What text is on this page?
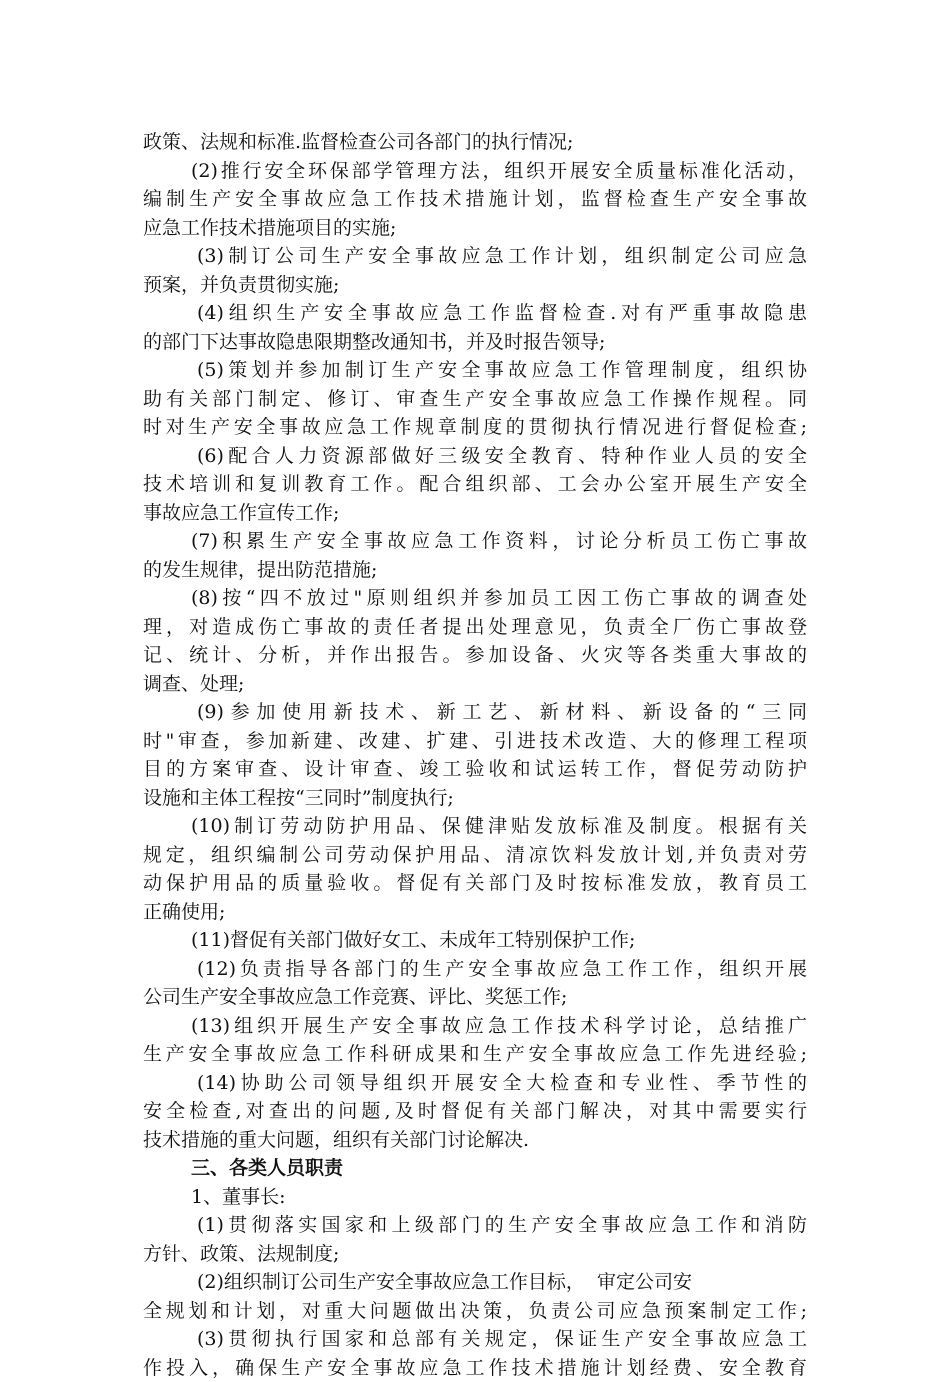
政策、法规和标准.监督检查公司各部门的执行情况;
(2)推行安全环保部学管理方法，组织开展安全质量标准化活动，
编制生产安全事故应急工作技术措施计划，监督检查生产安全事故
应急工作技术措施项目的实施;
(3)制订公司生产安全事故应急工作计划，组织制定公司应急
预案，并负责贯彻实施;
(4)组织生产安全事故应急工作监督检查.对有严重事故隐患
的部门下达事故隐患限期整改通知书，并及时报告领导;
(5)策划并参加制订生产安全事故应急工作管理制度，组织协
助有关部门制定、修订、审查生产安全事故应急工作操作规程。同
时对生产安全事故应急工作规章制度的贯彻执行情况进行督促检查;
(6)配合人力资源部做好三级安全教育、特种作业人员的安全
技术培训和复训教育工作。配合组织部、工会办公室开展生产安全
事故应急工作宣传工作;
(7)积累生产安全事故应急工作资料，讨论分析员工伤亡事故
的发生规律，提出防范措施;
(8)按“四不放过"原则组织并参加员工因工伤亡事故的调查处
理，对造成伤亡事故的责任者提出处理意见，负责全厂伤亡事故登
记、统计、分析，并作出报告。参加设备、火灾等各类重大事故的
调查、处理;
(9)参加使用新技术、新工艺、新材料、新设备的“三同
时"审查，参加新建、改建、扩建、引进技术改造、大的修理工程项
目的方案审查、设计审查、竣工验收和试运转工作，督促劳动防护
设施和主体工程按“三同时”制度执行;
(10)制订劳动防护用品、保健津贴发放标准及制度。根据有关
规定，组织编制公司劳动保护用品、清凉饮料发放计划,并负责对劳
动保护用品的质量验收。督促有关部门及时按标准发放，教育员工
正确使用;
(11)督促有关部门做好女工、未成年工特别保护工作;
(12)负责指导各部门的生产安全事故应急工作工作，组织开展
公司生产安全事故应急工作竞赛、评比、奖惩工作;
(13)组织开展生产安全事故应急工作技术科学讨论，总结推广
生产安全事故应急工作科研成果和生产安全事故应急工作先进经验;
(14)协助公司领导组织开展安全大检查和专业性、季节性的
安全检查,对查出的问题,及时督促有关部门解决，对其中需要实行
技术措施的重大问题，组织有关部门讨论解决.
三、各类人员职责
1、董事长:
(1)贯彻落实国家和上级部门的生产安全事故应急工作和消防
方针、政策、法规制度;
(2)组织制订公司生产安全事故应急工作目标，  审定公司安
全规划和计划，对重大问题做出决策，负责公司应急预案制定工作;
(3)贯彻执行国家和总部有关规定，保证生产安全事故应急工
作投入，确保生产安全事故应急工作技术措施计划经费、安全教育
